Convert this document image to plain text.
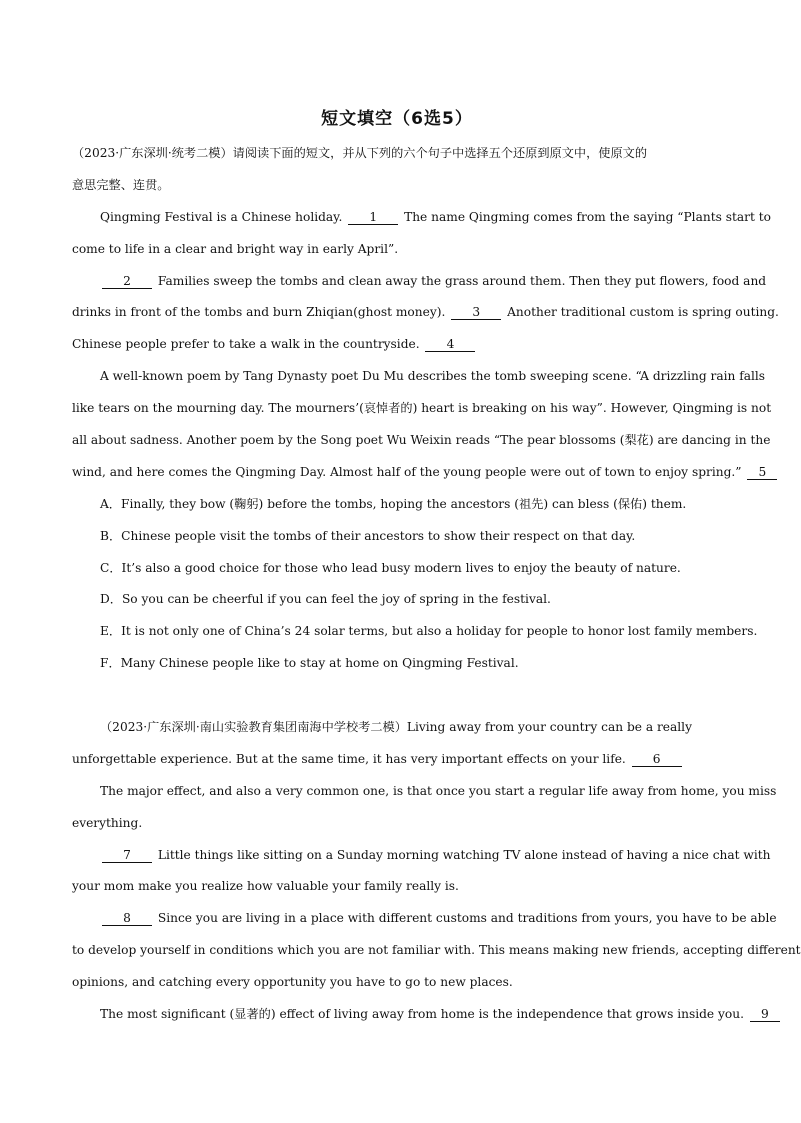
短文填空（6选5）
（2023·广东深圳·统考二模）请阅读下面的短文，并从下列的六个句子中选择五个还原到原文中，使原文的
意思完整、连贯。
Qingming Festival is a Chinese holiday. 1 The name Qingming comes from the saying “Plants start to
come to life in a clear and bright way in early April”.
2 Families sweep the tombs and clean away the grass around them. Then they put flowers, food and
drinks in front of the tombs and burn Zhiqian(ghost money). 3 Another traditional custom is spring outing.
Chinese people prefer to take a walk in the countryside. 4
A well-known poem by Tang Dynasty poet Du Mu describes the tomb sweeping scene. “A drizzling rain falls
like tears on the mourning day. The mourners’(哀悼者的) heart is breaking on his way”. However, Qingming is not
all about sadness. Another poem by the Song poet Wu Weixin reads “The pear blossoms (梨花) are dancing in the
wind, and here comes the Qingming Day. Almost half of the young people were out of town to enjoy spring.” 5
A．Finally, they bow (鞠躬) before the tombs, hoping the ancestors (祖先) can bless (保佑) them.
B．Chinese people visit the tombs of their ancestors to show their respect on that day.
C．It’s also a good choice for those who lead busy modern lives to enjoy the beauty of nature.
D．So you can be cheerful if you can feel the joy of spring in the festival.
E．It is not only one of China’s 24 solar terms, but also a holiday for people to honor lost family members.
F．Many Chinese people like to stay at home on Qingming Festival.
（2023·广东深圳·南山实验教育集团南海中学校考二模）Living away from your country can be a really
unforgettable experience. But at the same time, it has very important effects on your life. 6
The major effect, and also a very common one, is that once you start a regular life away from home, you miss
everything.
7 Little things like sitting on a Sunday morning watching TV alone instead of having a nice chat with
your mom make you realize how valuable your family really is.
8 Since you are living in a place with different customs and traditions from yours, you have to be able
to develop yourself in conditions which you are not familiar with. This means making new friends, accepting different
opinions, and catching every opportunity you have to go to new places.
The most significant (显著的) effect of living away from home is the independence that grows inside you. 9
